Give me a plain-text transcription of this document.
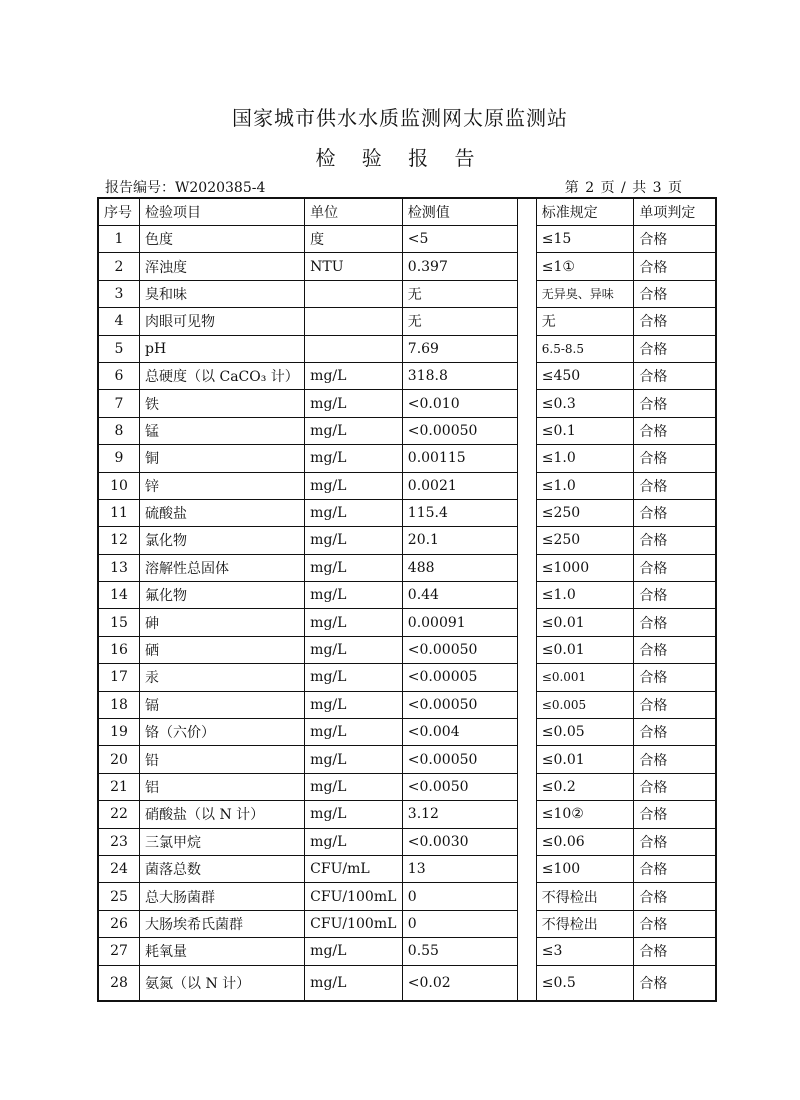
国家城市供水水质监测网太原监测站
检 验 报 告
报告编号：W2020385-4	第 2 页 / 共 3 页
序号	检验项目	单位	检测值		标准规定	单项判定
1	色度	度	<5		≤15	合格
2	浑浊度	NTU	0.397		≤1①	合格
3	臭和味		无		无异臭、异味	合格
4	肉眼可见物		无		无	合格
5	pH		7.69		6.5-8.5	合格
6	总硬度（以 CaCO₃ 计）	mg/L	318.8		≤450	合格
7	铁	mg/L	<0.010		≤0.3	合格
8	锰	mg/L	<0.00050		≤0.1	合格
9	铜	mg/L	0.00115		≤1.0	合格
10	锌	mg/L	0.0021		≤1.0	合格
11	硫酸盐	mg/L	115.4		≤250	合格
12	氯化物	mg/L	20.1		≤250	合格
13	溶解性总固体	mg/L	488		≤1000	合格
14	氟化物	mg/L	0.44		≤1.0	合格
15	砷	mg/L	0.00091		≤0.01	合格
16	硒	mg/L	<0.00050		≤0.01	合格
17	汞	mg/L	<0.00005		≤0.001	合格
18	镉	mg/L	<0.00050		≤0.005	合格
19	铬（六价）	mg/L	<0.004		≤0.05	合格
20	铅	mg/L	<0.00050		≤0.01	合格
21	铝	mg/L	<0.0050		≤0.2	合格
22	硝酸盐（以 N 计）	mg/L	3.12		≤10②	合格
23	三氯甲烷	mg/L	<0.0030		≤0.06	合格
24	菌落总数	CFU/mL	13		≤100	合格
25	总大肠菌群	CFU/100mL	0		不得检出	合格
26	大肠埃希氏菌群	CFU/100mL	0		不得检出	合格
27	耗氧量	mg/L	0.55		≤3	合格
28	氨氮（以 N 计）	mg/L	<0.02		≤0.5	合格
